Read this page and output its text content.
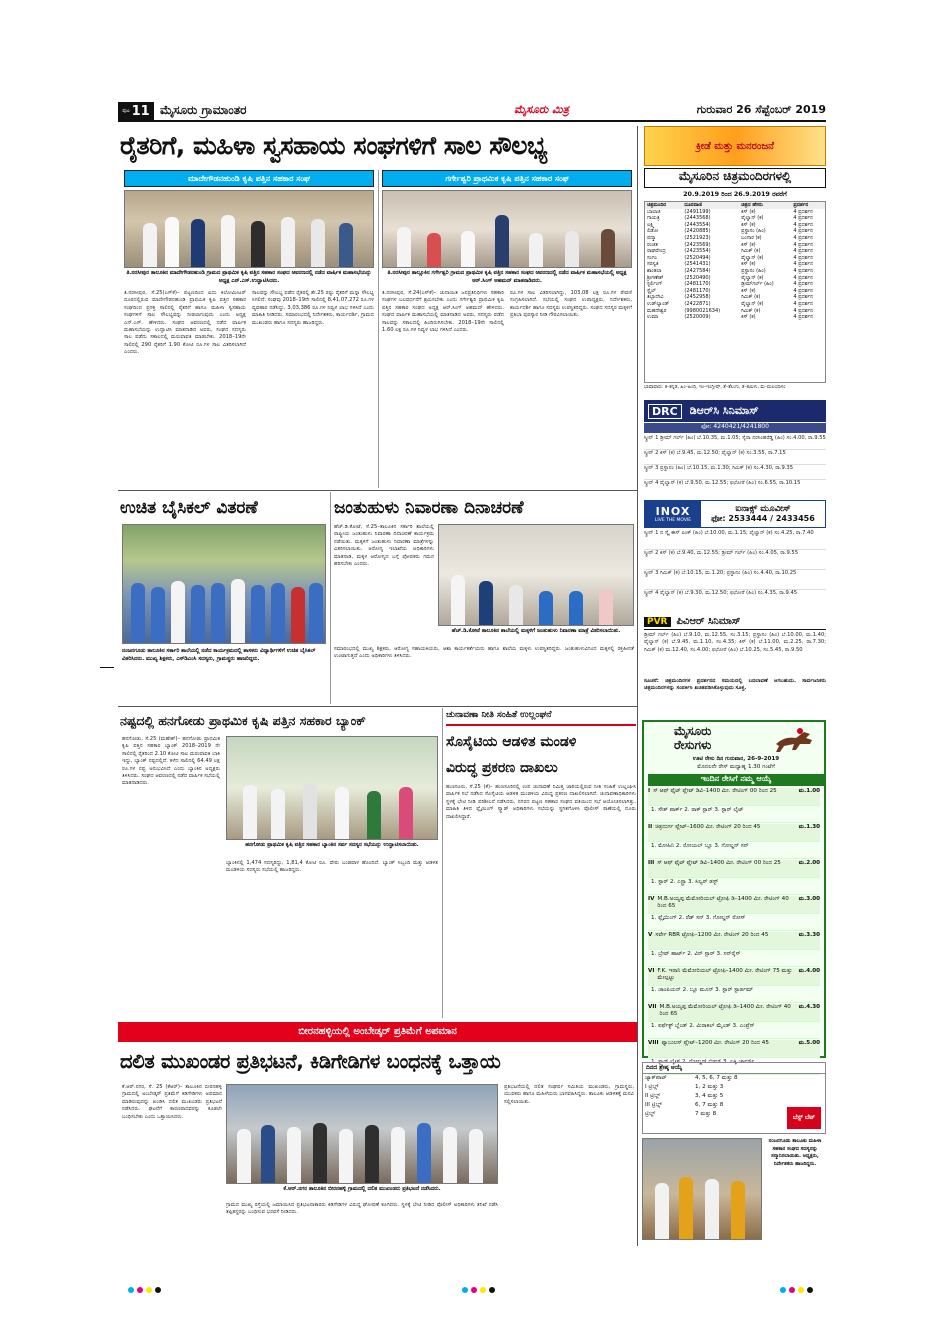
ಪುಟ 11 ಮೈಸೂರು ಗ್ರಾಮಾಂತರ	ಮೈಸೂರು ಮಿತ್ರ	ಗುರುವಾರ 26 ಸೆಪ್ಟೆಂಬರ್ 2019
ರೈತರಿಗೆ, ಮಹಿಳಾ ಸ್ವಸಹಾಯ ಸಂಘಗಳಿಗೆ ಸಾಲ ಸೌಲಭ್ಯ
ಮಾದೇಗೌಡನಹುಂಡಿ ಕೃಷಿ ಪತ್ತಿನ ಸಹಕಾರ ಸಂಘ
ತಿ.ನರಸೀಪುರ ತಾಲೂಕಿನ ಮಾದೇಗೌಡನಹುಂಡಿ ಗ್ರಾಮದ ಪ್ರಾಥಮಿಕ ಕೃಷಿ ಪತ್ತಿನ ಸಹಕಾರ ಸಂಘದ ಆವರಣದಲ್ಲಿ ನಡೆದ ವಾರ್ಷಿಕ ಮಹಾಸಭೆಯನ್ನು ಅಧ್ಯಕ್ಷ ಎನ್.ಎಸ್.ಉದ್ಘಾಟಿಸಿದರು.
ತಿ.ನರಸೀಪುರ, ಸೆ.25(ಎಸ್‌ಕೆ)– ಪಟ್ಟಣದಿಂದ ಐದು ಕಿಲೋಮೀಟರ್ ದೂರದಲ್ಲಿರುವ ಮಾದೇಗೌಡನಹುಂಡಿ ಪ್ರಾಥಮಿಕ ಕೃಷಿ ಪತ್ತಿನ ಸಹಕಾರ ಸಂಘದಿಂದ ಪ್ರಸಕ್ತ ಸಾಲಿನಲ್ಲಿ ರೈತರಿಗೆ ಹಾಗೂ ಮಹಿಳಾ ಸ್ವಸಹಾಯ ಸಂಘಗಳಿಗೆ ಸಾಲ ಸೌಲಭ್ಯವನ್ನು ನೀಡಲಾಗುವುದು ಎಂದು ಅಧ್ಯಕ್ಷ ಎನ್.ಎಸ್. ಹೇಳಿದರು. ಸಂಘದ ಆವರಣದಲ್ಲಿ ನಡೆದ ವಾರ್ಷಿಕ ಮಹಾಸಭೆಯನ್ನು ಉದ್ಘಾಟಿಸಿ ಮಾತನಾಡಿದ ಅವರು, ಸಂಘದ ಸದಸ್ಯರು ಸಾಲ ಪಡೆದು ಸಕಾಲದಲ್ಲಿ ಮರುಪಾವತಿ ಮಾಡಬೇಕು. 2018–19ನೇ ಸಾಲಿನಲ್ಲಿ 290 ರೈತರಿಗೆ 1.90 ಕೋಟಿ ರೂ.ಗಳ ಸಾಲ ವಿತರಿಸಲಾಗಿದೆ ಎಂದರು.
ಸಾಲವನ್ನು ಸೌಲಭ್ಯ ಪಡೆದ ರೈತರಲ್ಲಿ ಶೇ.25 ರಷ್ಟು ರೈತರಿಗೆ ಮನ್ನಾ ಸೌಲಭ್ಯ ಸಿಗಲಿದೆ. ಸಂಘವು 2018–19ನೇ ಸಾಲಿನಲ್ಲಿ 8,41,07,272 ರೂ.ಗಳ ವ್ಯವಹಾರ ನಡೆಸಿದ್ದು, 3,03,386 ರೂ.ಗಳ ನಿವ್ವಳ ಲಾಭ ಗಳಿಸಿದೆ ಎಂದು ಮಾಹಿತಿ ನೀಡಿದರು. ಸಮಾರಂಭದಲ್ಲಿ ನಿರ್ದೇಶಕರು, ಕಾರ್ಯದರ್ಶಿ, ಗ್ರಾಮದ ಮುಖಂಡರು ಹಾಗೂ ಸದಸ್ಯರು ಹಾಜರಿದ್ದರು.
ಗರ್ಗೇಶ್ವರಿ ಪ್ರಾಥಮಿಕ ಕೃಷಿ ಪತ್ತಿನ ಸಹಕಾರ ಸಂಘ
ತಿ.ನರಸೀಪುರ ತಾಲ್ಲೂಕಿನ ಗರ್ಗೇಶ್ವರಿ ಗ್ರಾಮದ ಪ್ರಾಥಮಿಕ ಕೃಷಿ ಪತ್ತಿನ ಸಹಕಾರ ಸಂಘದ ಆವರಣದಲ್ಲಿ ನಡೆದ ವಾರ್ಷಿಕ ಮಹಾಸಭೆಯಲ್ಲಿ ಅಧ್ಯಕ್ಷ ಆರ್.ಸಿಂಗ್ ಅಹಮದ್ ಮಾತನಾಡಿದರು.
ತಿ.ನರಸೀಪುರ, ಸೆ.24(ಎಸ್‌ಕೆ)– ಚುನಾಯಿತ ಜನಪ್ರತಿನಿಧಿಗಳು ಸಹಕಾರಿ ಸಂಘಗಳ ಬಲವರ್ಧನೆಗೆ ಶ್ರಮಿಸಬೇಕು ಎಂದು ಗರ್ಗೇಶ್ವರಿ ಪ್ರಾಥಮಿಕ ಕೃಷಿ ಪತ್ತಿನ ಸಹಕಾರ ಸಂಘದ ಅಧ್ಯಕ್ಷ ಆರ್.ಸಿಂಗ್ ಅಹಮದ್ ಹೇಳಿದರು. ಸಂಘದ ವಾರ್ಷಿಕ ಮಹಾಸಭೆಯಲ್ಲಿ ಮಾತನಾಡಿದ ಅವರು, ಸದಸ್ಯರು ಪಡೆದ ಸಾಲವನ್ನು ಸಕಾಲದಲ್ಲಿ ಹಿಂದಿರುಗಿಸಬೇಕು. 2018–19ನೇ ಸಾಲಿನಲ್ಲಿ 1.60 ಲಕ್ಷ ರೂ.ಗಳ ನಿವ್ವಳ ಲಾಭ ಗಳಿಸಿದೆ ಎಂದರು.
ರೂ.ಗಳ ಸಾಲ ವಿತರಿಸಲಾಗಿದ್ದು, 103.08 ಲಕ್ಷ ರೂ.ಗಳ ಠೇವಣಿ ಸಂಗ್ರಹಿಸಲಾಗಿದೆ. ಸಭೆಯಲ್ಲಿ ಸಂಘದ ಉಪಾಧ್ಯಕ್ಷರು, ನಿರ್ದೇಶಕರು, ಕಾರ್ಯದರ್ಶಿ ಹಾಗೂ ಸದಸ್ಯರು ಉಪಸ್ಥಿತರಿದ್ದರು. ಸಂಘದ ಸದಸ್ಯರ ಮಕ್ಕಳಿಗೆ ಪ್ರತಿಭಾ ಪುರಸ್ಕಾರ ನೀಡಿ ಗೌರವಿಸಲಾಯಿತು.
ಕ್ರೀಡೆ ಮತ್ತು ಮನರಂಜನೆ
ಮೈಸೂರಿನ ಚಿತ್ರಮಂದಿರಗಳಲ್ಲಿ
20.9.2019 ರಿಂದ 26.9.2019 ರವರೆಗೆ
ಚಿತ್ರಮಂದಿರ	ದೂರವಾಣಿ	ಚಿತ್ರದ ಹೆಸರು	ಪ್ರದರ್ಶನ
ಬಾಲಾಜಿ	(2491199)	ಕಿಸ್ (ಕ)	4 ಪ್ರದರ್ಶನ
ಗಾಯತ್ರಿ	(2443568)	ಪೈಲ್ವಾನ್ (ಕ)	4 ಪ್ರದರ್ಶನ
ಲಕ್ಷ್ಮಿ	(2443554)	ಕಿಸ್ (ಕ)	4 ಪ್ರದರ್ಶನ
ಲಿಡೋ	(2420885)	ಪ್ರಸ್ಥಾನಂ (ಹಿಂ)	4 ಪ್ರದರ್ಶನ
ಪದ್ಮಾ	(2521923)	ಬಂಗಾರ (ಕ)	4 ಪ್ರದರ್ಶನ
ರಂಜಿತ	(2423569)	ಕಿಸ್ (ಕ)	4 ಪ್ರದರ್ಶನ
ರಾಘವೇಂದ್ರ	(2423554)	ಗಿಮಿಕ್ (ಕ)	4 ಪ್ರದರ್ಶನ
ಸಂಗಂ	(2520494)	ಪೈಲ್ವಾನ್ (ಕ)	4 ಪ್ರದರ್ಶನ
ಸರಸ್ವತಿ	(2541431)	ಕಿಸ್ (ಕ)	4 ಪ್ರದರ್ಶನ
ಶಾಂತಲಾ	(2427584)	ಪ್ರಸ್ಥಾನಂ (ಹಿಂ)	4 ಪ್ರದರ್ಶನ
ಶ್ರೀಗಣೇಶ್	(2520490)	ಪೈಲ್ವಾನ್ (ಕ)	4 ಪ್ರದರ್ಶನ
ಸ್ಟರ್ಲಿಂಗ್	(2481170)	ಡ್ರೀಮ್‌ಗರ್ಲ್ (ಹಿಂ)	4 ಪ್ರದರ್ಶನ
ಸ್ಟೈಲ್	(2481170)	ಕಿಸ್ (ಕ)	4 ಪ್ರದರ್ಶನ
ತಿಬ್ಬಾದೇವಿ	(2452958)	ಗಿಮಿಕ್ (ಕ)	4 ಪ್ರದರ್ಶನ
ಉಡ್‌ಲ್ಯಾಂಡ್	(2422871)	ಪೈಲ್ವಾನ್ (ಕ)	4 ಪ್ರದರ್ಶನ
ಮಹದೇಶ್ವರ	(9980021634)	ಗಿಮಿಕ್ (ಕ)	4 ಪ್ರದರ್ಶನ
ಉಮಾ	(2520009)	ಕಿಸ್ (ಕ)	4 ಪ್ರದರ್ಶನ
ಭಾಷಾವಾರು: ಕ–ಕನ್ನಡ, ಹಿಂ–ಹಿಂದಿ, ಇಂ–ಇಂಗ್ಲೀಷ್, ತೆ–ತೆಲುಗು, ತ–ತಮಿಳು, ಮ–ಮಲಯಾಳಂ
DRC	ಡಿಆರ್‌ಸಿ ಸಿನಿಮಾಸ್
ಫೋ: 4240421/4241800
ಸ್ಕ್ರೀನ್ 1 ಡ್ರೀಮ್ ಗರ್ಲ್ (ಹಿಂ) ಬೆ.10.35, ಮ.1.05; ಸೈರಾ ನರಸಿಂಹರೆಡ್ಡಿ (ಹಿಂ) ಸಂ.4.00, ರಾ.9.55
ಸ್ಕ್ರೀನ್ 2 ಕಿಸ್ (ಕ) ಬೆ.9.45, ಮ.12.50; ಪೈಲ್ವಾನ್ (ಕ) ಸಂ.3.55, ರಾ.7.15
ಸ್ಕ್ರೀನ್ 3 ಪ್ರಸ್ಥಾನಂ (ಹಿಂ) ಬೆ.10.15, ಮ.1.30; ಗಿಮಿಕ್ (ಕ) ಸಂ.4.30, ರಾ.9.35
ಸ್ಕ್ರೀನ್ 4 ಪೈಲ್ವಾನ್ (ಕ) ಬೆ.9.50, ಮ.12.55; ಛಿಛೋರೆ (ಹಿಂ) ಸಂ.6.55, ರಾ.10.15
INOX
LIVE THE MOVIE
ಐನಾಕ್ಸ್ ಮೂವೀಸ್
ಫೋ: 2533444 / 2433456
ಸ್ಕ್ರೀನ್ 1 ದ ಸ್ಕೈ ಈಸ್ ಪಿಂಕ್ (ಹಿಂ) ಬೆ.10.00, ಮ.1.15; ಪೈಲ್ವಾನ್ (ಕ) ಸಂ.4.25, ರಾ.7.40
ಸ್ಕ್ರೀನ್ 2 ಕಿಸ್ (ಕ) ಬೆ.9.40, ಮ.12.55; ಡ್ರೀಮ್ ಗರ್ಲ್ (ಹಿಂ) ಸಂ.4.05, ರಾ.9.55
ಸ್ಕ್ರೀನ್ 3 ಗಿಮಿಕ್ (ಕ) ಬೆ.10.15, ಮ.1.20; ಪ್ರಸ್ಥಾನಂ (ಹಿಂ) ಸಂ.4.40, ರಾ.10.25
ಸ್ಕ್ರೀನ್ 4 ಪೈಲ್ವಾನ್ (ಕ) ಬೆ.9.30, ಮ.12.50; ಛಿಛೋರೆ (ಹಿಂ) ಸಂ.4.35, ರಾ.9.45
PVR ಪಿವಿಆರ್ ಸಿನಿಮಾಸ್
ಡ್ರೀಮ್ ಗರ್ಲ್ (ಹಿಂ) ಬೆ.9.10, ಮ.12.55, ಸಂ.3.15; ಪ್ರಸ್ಥಾನಂ (ಹಿಂ) ಬೆ.10.00, ಮ.1.40; ಪೈಲ್ವಾನ್ (ಕ) ಬೆ.9.45, ಮ.1.10, ಸಂ.4.35; ಕಿಸ್ (ಕ) ಬೆ.11.00, ಮ.2.25, ರಾ.7.30; ಗಿಮಿಕ್ (ಕ) ಮ.12.40, ಸಂ.4.00; ಛಿಛೋರೆ (ಹಿಂ) ಬೆ.10.25, ಸಂ.5.45, ರಾ.9.50
ಸೂಚನೆ: ಚಿತ್ರಮಂದಿರಗಳ ಪ್ರದರ್ಶನದ ಸಮಯದಲ್ಲಿ ಬದಲಾವಣೆ ಆಗಬಹುದು. ಸಾರ್ವಜನಿಕರು ಚಿತ್ರಮಂದಿರಗಳನ್ನು ಸಂಪರ್ಕಿಸಿ ಖಚಿತಪಡಿಸಿಕೊಳ್ಳುವುದು ಸೂಕ್ತ.
ಮೈಸೂರು
ರೇಸುಗಳು
ಊಟಿ ರೇಸು ದಿನ ಗುರುವಾರ, 26-9-2019
ಮೊದಲನೇ ರೇಸ್ ಮಧ್ಯಾಹ್ನ 1.30 ಗಂಟೆಗೆ
ಇಂದಿನ ರೇಸಿಗೆ ನಮ್ಮ ಆಯ್ಕೆ
I ಸ್ ಆಫ್ ಫೈಟ್ ಪ್ಲೇಟ್ ಡಿವಿ–1400 ಮೀ. ರೇಟಿಂಗ್ 00 ರಿಂದ 25	ಮ.1.00
1. ಸೌತ್ ಪಾರ್ಕ್ 2. ರಾಕ್ ಸ್ಟಾರ್ 3. ಸ್ಟಾರ್ ಲೈಟ್
II ಚಿತ್ರದುರ್ಗ ಪ್ಲೇಟ್–1600 ಮೀ. ರೇಟಿಂಗ್ 20 ರಿಂದ 45	ಮ.1.30
1. ಮೋಹಿನಿ 2. ರೋಯಲ್ ಬ್ಲೂ 3. ಗೋಲ್ಡನ್ ಸನ್
III ಸ್ ಆಫ್ ಫೈಟ್ ಪ್ಲೇಟ್ ಡಿವಿ–1400 ಮೀ. ರೇಟಿಂಗ್ 00 ರಿಂದ 25	ಮ.2.00
1. ಸ್ಟಾರ್ 2. ಎಸ್ಟ್ರಾ 3. ಸಿಲ್ವರ್ ಡಸ್ಟ್
IV M.B.ಅಯ್ಯಪ್ಪ ಮೆಮೋರಿಯಲ್ ಟ್ರೋಫಿ ಡಿ–1400 ಮೀ. ರೇಟಿಂಗ್ 40 ರಿಂದ 65
ಮ.3.00
1. ಫ್ಲೈಯಿಂಗ್ 2. ರೆಡ್ ಸನ್ 3. ಗೋಲ್ಡನ್ ರೋಸ್
V ಸರ್ವೇ RBR ಟ್ರೋಫಿ–1200 ಮೀ. ರೇಟಿಂಗ್ 20 ರಿಂದ 45	ಮ.3.30
1. ಬ್ರೇವ್ ಹಾರ್ಟ್ 2. ವಿನ್ ಸ್ಟಾರ್ 3. ಸನ್‌ರೈಸ್
VI F.K. ಇರಾನಿ ಮೆಮೋರಿಯಲ್ ಟ್ರೋಫಿ–1400 ಮೀ. ರೇಟಿಂಗ್ 75 ಮತ್ತು ಮೇಲ್ಪಟ್ಟು
ಮ.4.00
1. ಚಾಂಪಿಯನ್ 2. ಬ್ಲೂ ಮೂನ್ 3. ಸ್ಟಾರ್ ಸ್ಟಾರ್ಡಮ್
VII M.B.ಅಯ್ಯಪ್ಪ ಮೆಮೋರಿಯಲ್ ಟ್ರೋಫಿ ಡಿ–1400 ಮೀ. ರೇಟಿಂಗ್ 40 ರಿಂದ 65
ಮ.4.30
1. ಪರ್ಫೆಕ್ಟ್ ಬ್ಲೆಂಡ್ 2. ಮಿರಾಕಲ್ ಮೈಂಡ್ 3. ಎಂಪ್ರೆಸ್
VIII ಫ್ಯಾಬುಲಸ್ ಪ್ಲೇಟ್–1200 ಮೀ. ರೇಟಿಂಗ್ 20 ರಿಂದ 45	ಮ.5.00
1. ಸ್ಟಾರ್ ಲೈಟ್ 2. ಗೋಲ್ಡನ್ ಬೀಮ್ 3. ಲಕ್ಕಿ ಚಾರ್ಮ್
ದಿನದ ಶ್ರೇಷ್ಠ ಆಯ್ಕೆ
ಜ್ಯಾಕ್‌ಪಾಟ್	4, 5, 6, 7 ಮತ್ತು 8
I ಟ್ರಿಬ್ಲ್	1, 2 ಮತ್ತು 3
II ಟ್ರಿಬ್ಲ್	3, 4 ಮತ್ತು 5
III ಟ್ರಿಬ್ಲ್	6, 7 ಮತ್ತು 8
ಟ್ರಿಬ್ಲ್	7 ಮತ್ತು 8	ಬೆಸ್ಟ್ ಬೆಟ್
ನಂಜನಗೂಡು ತಾಲೂಕು ಮಹಿಳಾ ಸಹಕಾರ ಸಂಘದ ಸದಸ್ಯರನ್ನು ಸನ್ಮಾನಿಸಲಾಯಿತು. ಅಧ್ಯಕ್ಷರು, ನಿರ್ದೇಶಕರು ಹಾಜರಿದ್ದರು.
ಉಚಿತ ಬೈಸಿಕಲ್ ವಿತರಣೆ
ನಂಜನಗೂಡು ತಾಲೂಕಿನ ಸರ್ಕಾರಿ ಶಾಲೆಯಲ್ಲಿ ನಡೆದ ಕಾರ್ಯಕ್ರಮದಲ್ಲಿ ಶಾಸಕರು ವಿದ್ಯಾರ್ಥಿಗಳಿಗೆ ಉಚಿತ ಬೈಸಿಕಲ್ ವಿತರಿಸಿದರು. ಮುಖ್ಯ ಶಿಕ್ಷಕರು, ಎಸ್‌ಡಿಎಂಸಿ ಸದಸ್ಯರು, ಗ್ರಾಮಸ್ಥರು ಹಾಜರಿದ್ದರು.
ಜಂತುಹುಳು ನಿವಾರಣಾ ದಿನಾಚರಣೆ
ಹೆಚ್.ಡಿ.ಕೋಟೆ, ಸೆ.25–ತಾಲೂಕಿನ ಸರ್ಕಾರಿ ಶಾಲೆಯಲ್ಲಿ ರಾಷ್ಟ್ರೀಯ ಜಂತುಹುಳು ನಿವಾರಣಾ ದಿನಾಚರಣೆ ಕಾರ್ಯಕ್ರಮ ನಡೆಯಿತು. ಮಕ್ಕಳಿಗೆ ಜಂತುಹುಳು ನಿವಾರಣಾ ಮಾತ್ರೆಗಳನ್ನು ವಿತರಿಸಲಾಯಿತು. ಆರೋಗ್ಯ ಇಲಾಖೆಯ ಅಧಿಕಾರಿಗಳು ಮಾತನಾಡಿ, ಮಕ್ಕಳ ಆರೋಗ್ಯದ ಬಗ್ಗೆ ಪೋಷಕರು ಗಮನ ಹರಿಸಬೇಕು ಎಂದರು.
ಹೆಚ್.ಡಿ.ಕೋಟೆ ತಾಲೂಕಿನ ಶಾಲೆಯಲ್ಲಿ ಮಕ್ಕಳಿಗೆ ಜಂತುಹುಳು ನಿವಾರಣಾ ಮಾತ್ರೆ ವಿತರಿಸಲಾಯಿತು.
ಸಮಾರಂಭದಲ್ಲಿ ಮುಖ್ಯ ಶಿಕ್ಷಕರು, ಆರೋಗ್ಯ ಸಹಾಯಕಿಯರು, ಆಶಾ ಕಾರ್ಯಕರ್ತೆಯರು ಹಾಗೂ ಶಾಲೆಯ ಮಕ್ಕಳು ಉಪಸ್ಥಿತರಿದ್ದರು. ಜಂತುಹುಳುವಿನಿಂದ ಮಕ್ಕಳಲ್ಲಿ ರಕ್ತಹೀನತೆ ಉಂಟಾಗುತ್ತದೆ ಎಂದು ಅಧಿಕಾರಿಗಳು ತಿಳಿಸಿದರು.
ನಷ್ಟದಲ್ಲಿ ಹನಗೋಡು ಪ್ರಾಥಮಿಕ ಕೃಷಿ ಪತ್ತಿನ ಸಹಕಾರ ಬ್ಯಾಂಕ್
ಹನಗೋಡು, ಸೆ.25 (ಮಹೇಶ್)– ಹನಗೋಡು ಪ್ರಾಥಮಿಕ ಕೃಷಿ ಪತ್ತಿನ ಸಹಕಾರ ಬ್ಯಾಂಕ್ 2018–2019 ನೇ ಸಾಲಿನಲ್ಲಿ ರೈತರಿಂದ 2.10 ಕೋಟಿ ಸಾಲ ಮರುಪಾವತಿ ಬಾಕಿ ಇದ್ದು, ಬ್ಯಾಂಕ್ ನಷ್ಟದಲ್ಲಿದೆ. ಕಳೆದ ಸಾಲಿನಲ್ಲಿ 64.49 ಲಕ್ಷ ರೂ.ಗಳ ನಷ್ಟ ಅನುಭವಿಸಿದೆ ಎಂದು ಬ್ಯಾಂಕಿನ ಅಧ್ಯಕ್ಷರು ತಿಳಿಸಿದರು. ಸಂಘದ ಆವರಣದಲ್ಲಿ ನಡೆದ ವಾರ್ಷಿಕ ಸಭೆಯಲ್ಲಿ ಮಾತನಾಡಿದರು.
ಹನಗೋಡು ಪ್ರಾಥಮಿಕ ಕೃಷಿ ಪತ್ತಿನ ಸಹಕಾರ ಬ್ಯಾಂಕಿನ ಸರ್ವ ಸದಸ್ಯರ ಸಭೆಯನ್ನು ಉದ್ಘಾಟಿಸಲಾಯಿತು.
ಬ್ಯಾಂಕಿನಲ್ಲಿ 1,474 ಸದಸ್ಯರಿದ್ದು, 1,81,4 ಕೋಟಿ ರೂ. ಷೇರು ಬಂಡವಾಳ ಹೊಂದಿದೆ. ಬ್ಯಾಂಕ್ ಸಿಬ್ಬಂದಿ ಮತ್ತು ಆಡಳಿತ ಮಂಡಳಿಯ ಸದಸ್ಯರು ಸಭೆಯಲ್ಲಿ ಹಾಜರಿದ್ದರು.
ಚುನಾವಣಾ ನೀತಿ ಸಂಹಿತೆ ಉಲ್ಲಂಘನೆ
ಸೊಸೈಟಿಯ ಆಡಳಿತ ಮಂಡಳಿ
ವಿರುದ್ಧ ಪ್ರಕರಣ ದಾಖಲು
ಹುಣಸೂರು, ಸೆ.25 (ಕೆ)– ಹುಣಸೂರಿನಲ್ಲಿ ಉಪ ಚುನಾವಣೆ ನಿಮಿತ್ತ ಜಾರಿಯಲ್ಲಿರುವ ನೀತಿ ಸಂಹಿತೆ ಉಲ್ಲಂಘಿಸಿ ವಾರ್ಷಿಕ ಸಭೆ ನಡೆಸಿದ ಸೊಸೈಟಿಯ ಆಡಳಿತ ಮಂಡಳಿಯ ವಿರುದ್ಧ ಪ್ರಕರಣ ದಾಖಲಿಸಲಾಗಿದೆ. ಚುನಾವಣಾಧಿಕಾರಿಗಳು ಸ್ಥಳಕ್ಕೆ ಭೇಟಿ ನೀಡಿ ಪರಿಶೀಲನೆ ನಡೆಸಿದರು. ನಗರದ ಪಟ್ಟಣ ಸಹಕಾರ ಸಂಘದ ವತಿಯಿಂದ ಸಭೆ ಆಯೋಜಿಸಲಾಗಿತ್ತು. ಮಾಹಿತಿ ತಿಳಿದ ಫ್ಲೈಯಿಂಗ್ ಸ್ಕ್ವಾಡ್ ಅಧಿಕಾರಿಗಳು ಸಭೆಯನ್ನು ಸ್ಥಗಿತಗೊಳಿಸಿ ಪೊಲೀಸ್ ಠಾಣೆಯಲ್ಲಿ ದೂರು ದಾಖಲಿಸಿದ್ದಾರೆ.
ಬೀರನಹಳ್ಳಿಯಲ್ಲಿ ಅಂಬೇಡ್ಕರ್ ಪ್ರತಿಮೆಗೆ ಅಪಮಾನ
ದಲಿತ ಮುಖಂಡರ ಪ್ರತಿಭಟನೆ, ಕಿಡಿಗೇಡಿಗಳ ಬಂಧನಕ್ಕೆ ಒತ್ತಾಯ
ಕೆ.ಆರ್.ನಗರ, ಸೆ. 25 (ಕೆಆರ್)– ತಾಲೂಕಿನ ಬೀರನಹಳ್ಳಿ ಗ್ರಾಮದಲ್ಲಿ ಅಂಬೇಡ್ಕರ್ ಪ್ರತಿಮೆಗೆ ಕಿಡಿಗೇಡಿಗಳು ಅಪಮಾನ ಮಾಡಿರುವುದನ್ನು ಖಂಡಿಸಿ ದಲಿತ ಮುಖಂಡರು ಪ್ರತಿಭಟನೆ ನಡೆಸಿದರು. ಘಟನೆಗೆ ಕಾರಣರಾದವರನ್ನು ಕೂಡಲೇ ಬಂಧಿಸಬೇಕು ಎಂದು ಒತ್ತಾಯಿಸಿದರು.
ಕೆ.ಆರ್.ನಗರ ತಾಲೂಕಿನ ಬೀರನಹಳ್ಳಿ ಗ್ರಾಮದಲ್ಲಿ ದಲಿತ ಮುಖಂಡರು ಪ್ರತಿಭಟನೆ ನಡೆಸಿದರು.
ಗ್ರಾಮದ ಮುಖ್ಯ ರಸ್ತೆಯಲ್ಲಿ ಜಮಾಯಿಸಿದ ಪ್ರತಿಭಟನಾಕಾರರು ಕಿಡಿಗೇಡಿಗಳ ವಿರುದ್ಧ ಘೋಷಣೆ ಕೂಗಿದರು. ಸ್ಥಳಕ್ಕೆ ಭೇಟಿ ನೀಡಿದ ಪೊಲೀಸ್ ಅಧಿಕಾರಿಗಳು ತನಿಖೆ ನಡೆಸಿ ತಪ್ಪಿತಸ್ಥರನ್ನು ಬಂಧಿಸುವ ಭರವಸೆ ನೀಡಿದರು.
ಪ್ರತಿಭಟನೆಯಲ್ಲಿ ದಲಿತ ಸಂಘರ್ಷ ಸಮಿತಿಯ ಮುಖಂಡರು, ಗ್ರಾಮಸ್ಥರು, ಯುವಕರು ಹಾಗೂ ಮಹಿಳೆಯರು ಭಾಗವಹಿಸಿದ್ದರು. ತಾಲೂಕು ಆಡಳಿತಕ್ಕೆ ಮನವಿ ಸಲ್ಲಿಸಲಾಯಿತು.
